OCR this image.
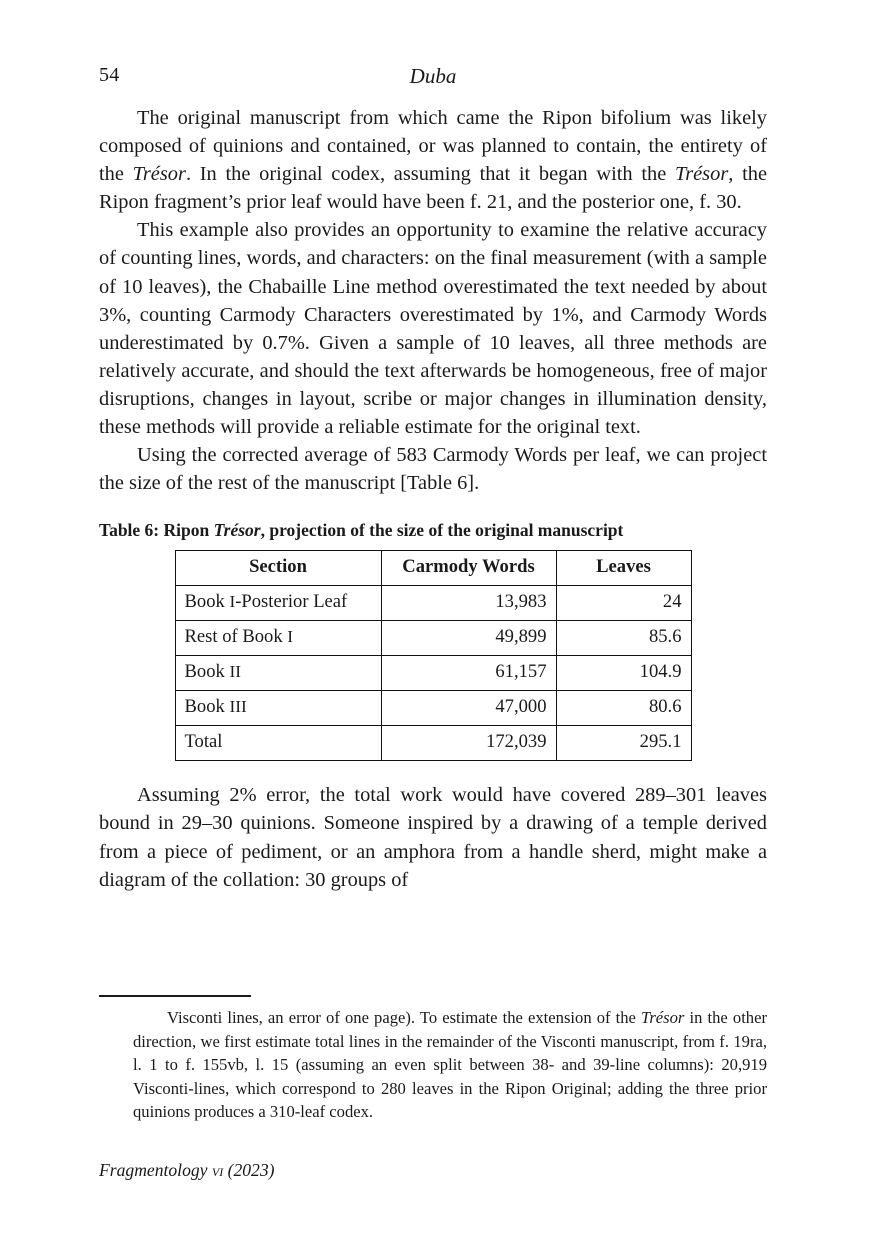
54	Duba

The original manuscript from which came the Ripon bifolium was likely composed of quinions and contained, or was planned to contain, the entirety of the Trésor. In the original codex, assuming that it began with the Trésor, the Ripon fragment’s prior leaf would have been f. 21, and the posterior one, f. 30.

This example also provides an opportunity to examine the relative accuracy of counting lines, words, and characters: on the final measurement (with a sample of 10 leaves), the Chabaille Line method overestimated the text needed by about 3%, counting Carmody Characters overestimated by 1%, and Carmody Words underestimated by 0.7%. Given a sample of 10 leaves, all three methods are relatively accurate, and should the text afterwards be homogeneous, free of major disruptions, changes in layout, scribe or major changes in illumination density, these methods will provide a reliable estimate for the original text.

Using the corrected average of 583 Carmody Words per leaf, we can project the size of the rest of the manuscript [Table 6].

Table 6: Ripon Trésor, projection of the size of the original manuscript
Section	Carmody Words	Leaves
Book I-Posterior Leaf	13,983	24
Rest of Book I	49,899	85.6
Book II	61,157	104.9
Book III	47,000	80.6
Total	172,039	295.1

Assuming 2% error, the total work would have covered 289–301 leaves bound in 29–30 quinions. Someone inspired by a drawing of a temple derived from a piece of pediment, or an amphora from a handle sherd, might make a diagram of the collation: 30 groups of

Visconti lines, an error of one page). To estimate the extension of the Trésor in the other direction, we first estimate total lines in the remainder of the Visconti manuscript, from f. 19ra, l. 1 to f. 155vb, l. 15 (assuming an even split between 38- and 39-line columns): 20,919 Visconti-lines, which correspond to 280 leaves in the Ripon Original; adding the three prior quinions produces a 310-leaf codex.

Fragmentology vi (2023)
